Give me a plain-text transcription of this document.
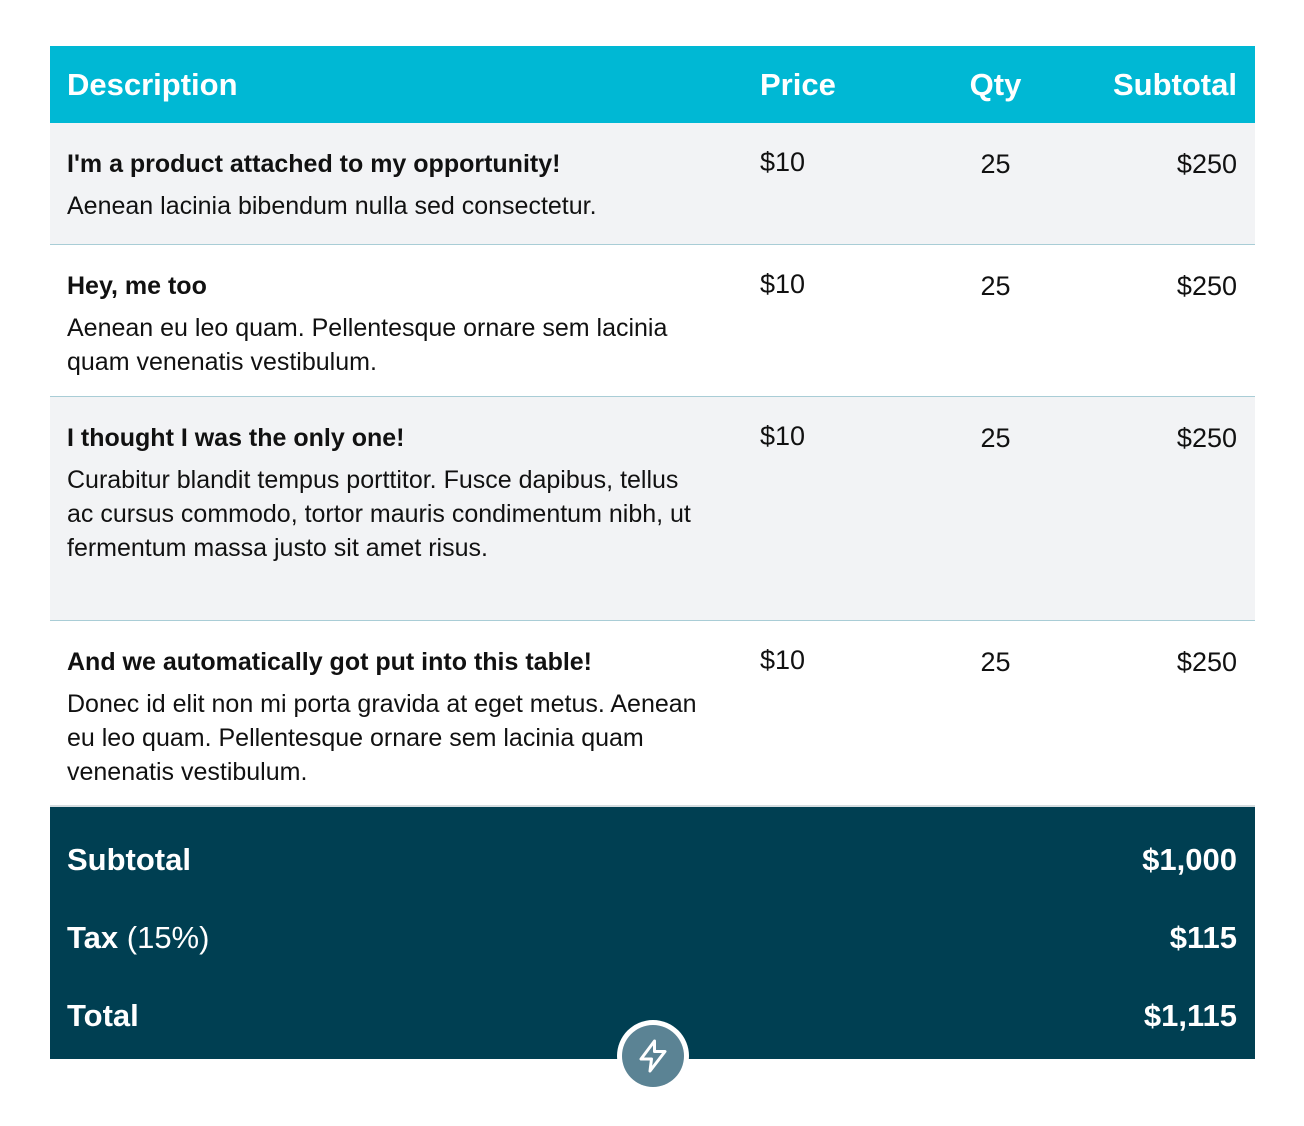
Description	Price	Qty	Subtotal
I'm a product attached to my opportunity!
Aenean lacinia bibendum nulla sed consectetur.
$10	25	$250
Hey, me too
Aenean eu leo quam. Pellentesque ornare sem lacinia quam venenatis vestibulum.
$10	25	$250
I thought I was the only one!
Curabitur blandit tempus porttitor. Fusce dapibus, tellus ac cursus commodo, tortor mauris condimentum nibh, ut fermentum massa justo sit amet risus.
$10	25	$250
And we automatically got put into this table!
Donec id elit non mi porta gravida at eget metus. Aenean eu leo quam. Pellentesque ornare sem lacinia quam venenatis vestibulum.
$10	25	$250
Subtotal	$1,000
Tax (15%)	$115
Total	$1,115
